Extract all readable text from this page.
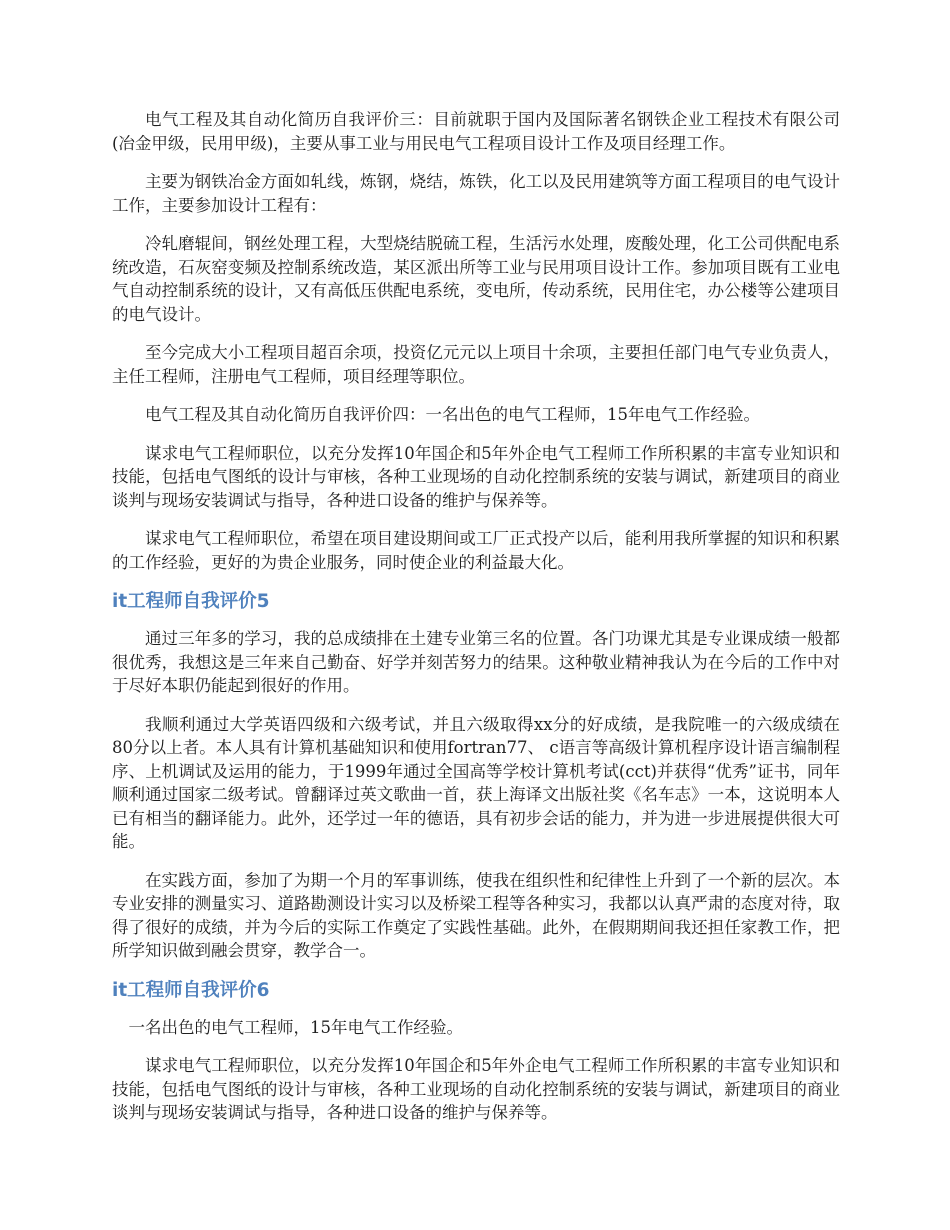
电气工程及其自动化简历自我评价三：目前就职于国内及国际著名钢铁企业工程技术有限公司(冶金甲级，民用甲级)，主要从事工业与用民电气工程项目设计工作及项目经理工作。

主要为钢铁冶金方面如轧线，炼钢，烧结，炼铁，化工以及民用建筑等方面工程项目的电气设计工作，主要参加设计工程有：

冷轧磨辊间，钢丝处理工程，大型烧结脱硫工程，生活污水处理，废酸处理，化工公司供配电系统改造，石灰窑变频及控制系统改造，某区派出所等工业与民用项目设计工作。参加项目既有工业电气自动控制系统的设计，又有高低压供配电系统，变电所，传动系统，民用住宅，办公楼等公建项目的电气设计。

至今完成大小工程项目超百余项，投资亿元元以上项目十余项，主要担任部门电气专业负责人，主任工程师，注册电气工程师，项目经理等职位。

电气工程及其自动化简历自我评价四：一名出色的电气工程师，15年电气工作经验。

谋求电气工程师职位，以充分发挥10年国企和5年外企电气工程师工作所积累的丰富专业知识和技能，包括电气图纸的设计与审核，各种工业现场的自动化控制系统的安装与调试，新建项目的商业谈判与现场安装调试与指导，各种进口设备的维护与保养等。

谋求电气工程师职位，希望在项目建设期间或工厂正式投产以后，能利用我所掌握的知识和积累的工作经验，更好的为贵企业服务，同时使企业的利益最大化。

it工程师自我评价5

通过三年多的学习，我的总成绩排在土建专业第三名的位置。各门功课尤其是专业课成绩一般都很优秀，我想这是三年来自己勤奋、好学并刻苦努力的结果。这种敬业精神我认为在今后的工作中对于尽好本职仍能起到很好的作用。

我顺利通过大学英语四级和六级考试，并且六级取得xx分的好成绩，是我院唯一的六级成绩在80分以上者。本人具有计算机基础知识和使用fortran77、 c语言等高级计算机程序设计语言编制程序、上机调试及运用的能力，于1999年通过全国高等学校计算机考试(cct)并获得“优秀”证书，同年顺利通过国家二级考试。曾翻译过英文歌曲一首，获上海译文出版社奖《名车志》一本，这说明本人已有相当的翻译能力。此外，还学过一年的德语，具有初步会话的能力，并为进一步进展提供很大可能。

在实践方面，参加了为期一个月的军事训练，使我在组织性和纪律性上升到了一个新的层次。本专业安排的测量实习、道路勘测设计实习以及桥梁工程等各种实习，我都以认真严肃的态度对待，取得了很好的成绩，并为今后的实际工作奠定了实践性基础。此外，在假期期间我还担任家教工作，把所学知识做到融会贯穿，教学合一。

it工程师自我评价6

一名出色的电气工程师，15年电气工作经验。

谋求电气工程师职位，以充分发挥10年国企和5年外企电气工程师工作所积累的丰富专业知识和技能，包括电气图纸的设计与审核，各种工业现场的自动化控制系统的安装与调试，新建项目的商业谈判与现场安装调试与指导，各种进口设备的维护与保养等。
